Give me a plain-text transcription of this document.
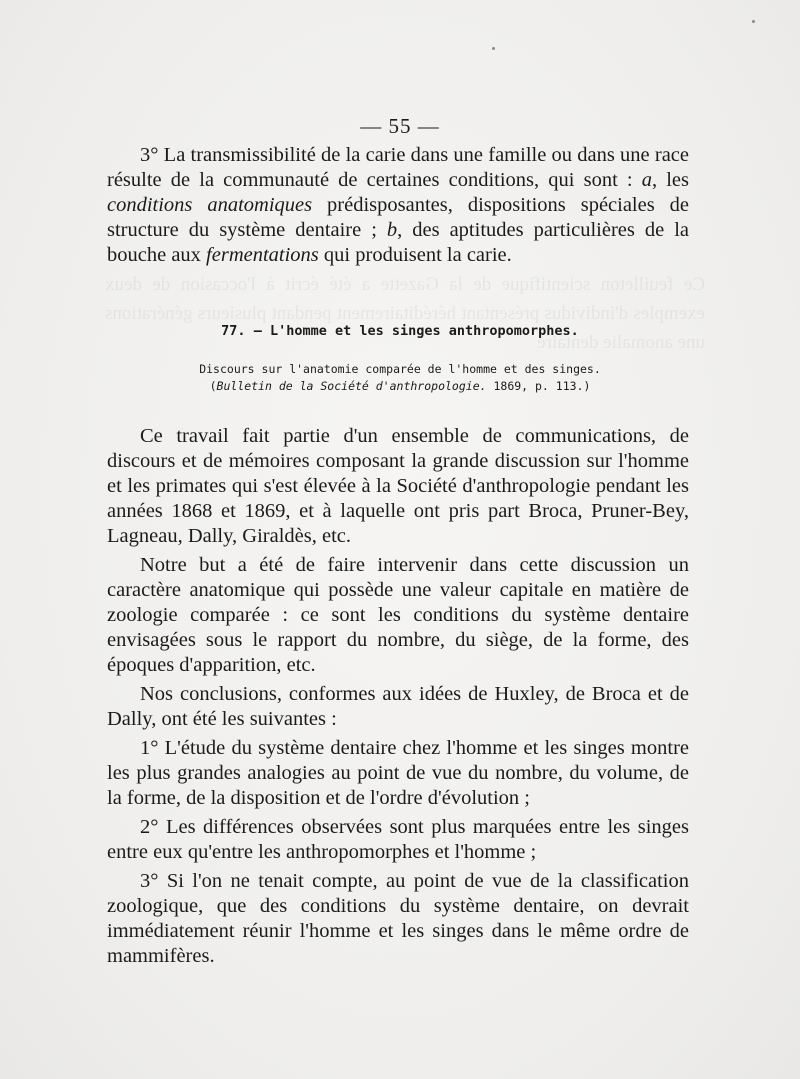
Ce feuilleton scientifique de la Gazette a été écrit à l'occasion de deux exemples d'individus présentant héréditairement pendant plusieurs générations une anomalie dentaire
— 55 —

3° La transmissibilité de la carie dans une famille ou dans une race résulte de la communauté de certaines conditions, qui sont : a, les conditions anatomiques prédisposantes, dispositions spéciales de structure du système dentaire ; b, des aptitudes particulières de la bouche aux fermentations qui produisent la carie.

77. — L'homme et les singes anthropomorphes.
Discours sur l'anatomie comparée de l'homme et des singes.
(Bulletin de la Société d'anthropologie. 1869, p. 113.)

Ce travail fait partie d'un ensemble de communications, de discours et de mémoires composant la grande discussion sur l'homme et les primates qui s'est élevée à la Société d'anthropologie pendant les années 1868 et 1869, et à laquelle ont pris part Broca, Pruner-Bey, Lagneau, Dally, Giraldès, etc.

Notre but a été de faire intervenir dans cette discussion un caractère anatomique qui possède une valeur capitale en matière de zoologie comparée : ce sont les conditions du système dentaire envisagées sous le rapport du nombre, du siège, de la forme, des époques d'apparition, etc.

Nos conclusions, conformes aux idées de Huxley, de Broca et de Dally, ont été les suivantes :

1° L'étude du système dentaire chez l'homme et les singes montre les plus grandes analogies au point de vue du nombre, du volume, de la forme, de la disposition et de l'ordre d'évolution ;

2° Les différences observées sont plus marquées entre les singes entre eux qu'entre les anthropomorphes et l'homme ;

3° Si l'on ne tenait compte, au point de vue de la classification zoologique, que des conditions du système dentaire, on devrait immédiatement réunir l'homme et les singes dans le même ordre de mammifères.
